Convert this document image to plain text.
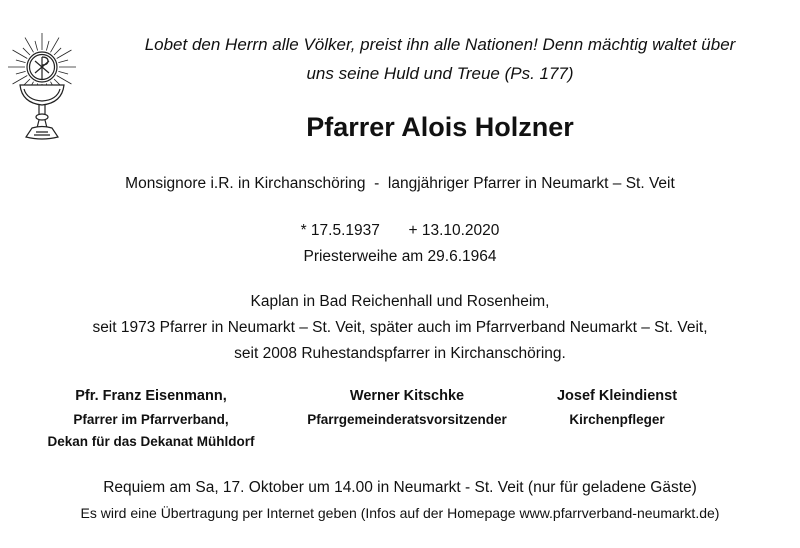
Lobet den Herrn alle Völker, preist ihn alle Nationen! Denn mächtig waltet über
uns seine Huld und Treue (Ps. 177)
Pfarrer Alois Holzner
Monsignore i.R. in Kirchanschöring  -  langjähriger Pfarrer in Neumarkt – St. Veit
* 17.5.1937 + 13.10.2020
Priesterweihe am 29.6.1964
Kaplan in Bad Reichenhall und Rosenheim,
seit 1973 Pfarrer in Neumarkt – St. Veit, später auch im Pfarrverband Neumarkt – St. Veit,
seit 2008 Ruhestandspfarrer in Kirchanschöring.
Pfr. Franz Eisenmann,
Pfarrer im Pfarrverband,
Dekan für das Dekanat Mühldorf
Werner Kitschke
Pfarrgemeinderatsvorsitzender
Josef Kleindienst
Kirchenpfleger
Requiem am Sa, 17. Oktober um 14.00 in Neumarkt - St. Veit (nur für geladene Gäste)
Es wird eine Übertragung per Internet geben (Infos auf der Homepage www.pfarrverband-neumarkt.de)
